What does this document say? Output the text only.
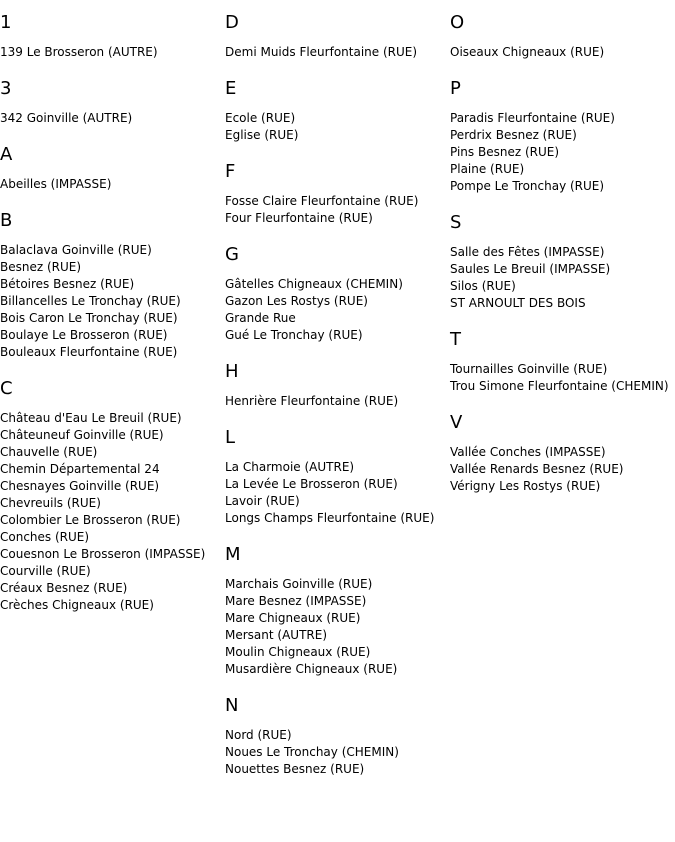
1
139 Le Brosseron (AUTRE)
3
342 Goinville (AUTRE)
A
Abeilles (IMPASSE)
B
Balaclava Goinville (RUE)
Besnez (RUE)
Bétoires Besnez (RUE)
Billancelles Le Tronchay (RUE)
Bois Caron Le Tronchay (RUE)
Boulaye Le Brosseron (RUE)
Bouleaux Fleurfontaine (RUE)
C
Château d'Eau Le Breuil (RUE)
Châteuneuf Goinville (RUE)
Chauvelle (RUE)
Chemin Départemental 24
Chesnayes Goinville (RUE)
Chevreuils (RUE)
Colombier Le Brosseron (RUE)
Conches (RUE)
Couesnon Le Brosseron (IMPASSE)
Courville (RUE)
Créaux Besnez (RUE)
Crèches Chigneaux (RUE)
D
Demi Muids Fleurfontaine (RUE)
E
Ecole (RUE)
Eglise (RUE)
F
Fosse Claire Fleurfontaine (RUE)
Four Fleurfontaine (RUE)
G
Gâtelles Chigneaux (CHEMIN)
Gazon Les Rostys (RUE)
Grande Rue
Gué Le Tronchay (RUE)
H
Henrière Fleurfontaine (RUE)
L
La Charmoie (AUTRE)
La Levée Le Brosseron (RUE)
Lavoir (RUE)
Longs Champs Fleurfontaine (RUE)
M
Marchais Goinville (RUE)
Mare Besnez (IMPASSE)
Mare Chigneaux (RUE)
Mersant (AUTRE)
Moulin Chigneaux (RUE)
Musardière Chigneaux (RUE)
N
Nord (RUE)
Noues Le Tronchay (CHEMIN)
Nouettes Besnez (RUE)
O
Oiseaux Chigneaux (RUE)
P
Paradis Fleurfontaine (RUE)
Perdrix Besnez (RUE)
Pins Besnez (RUE)
Plaine (RUE)
Pompe Le Tronchay (RUE)
S
Salle des Fêtes (IMPASSE)
Saules Le Breuil (IMPASSE)
Silos (RUE)
ST ARNOULT DES BOIS
T
Tournailles Goinville (RUE)
Trou Simone Fleurfontaine (CHEMIN)
V
Vallée Conches (IMPASSE)
Vallée Renards Besnez (RUE)
Vérigny Les Rostys (RUE)
